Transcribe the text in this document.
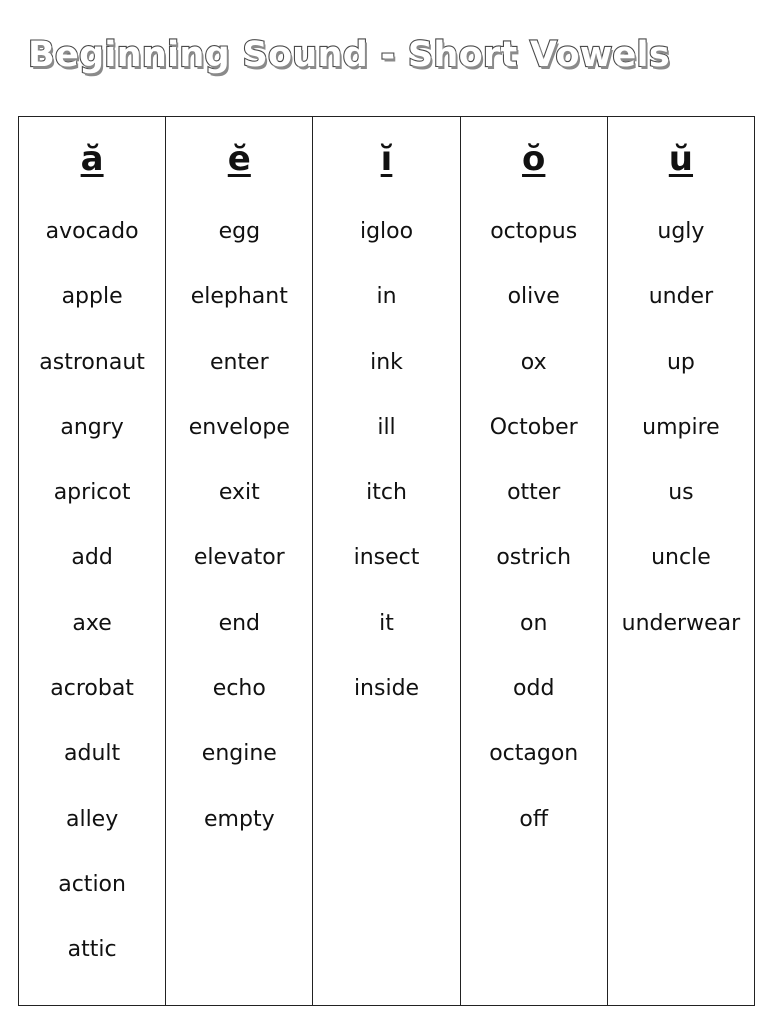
Beginning Sound - Short Vowels
ă
avocado
apple
astronaut
angry
apricot
add
axe
acrobat
adult
alley
action
attic
ĕ
egg
elephant
enter
envelope
exit
elevator
end
echo
engine
empty
ĭ
igloo
in
ink
ill
itch
insect
it
inside
ŏ
octopus
olive
ox
October
otter
ostrich
on
odd
octagon
off
ŭ
ugly
under
up
umpire
us
uncle
underwear
